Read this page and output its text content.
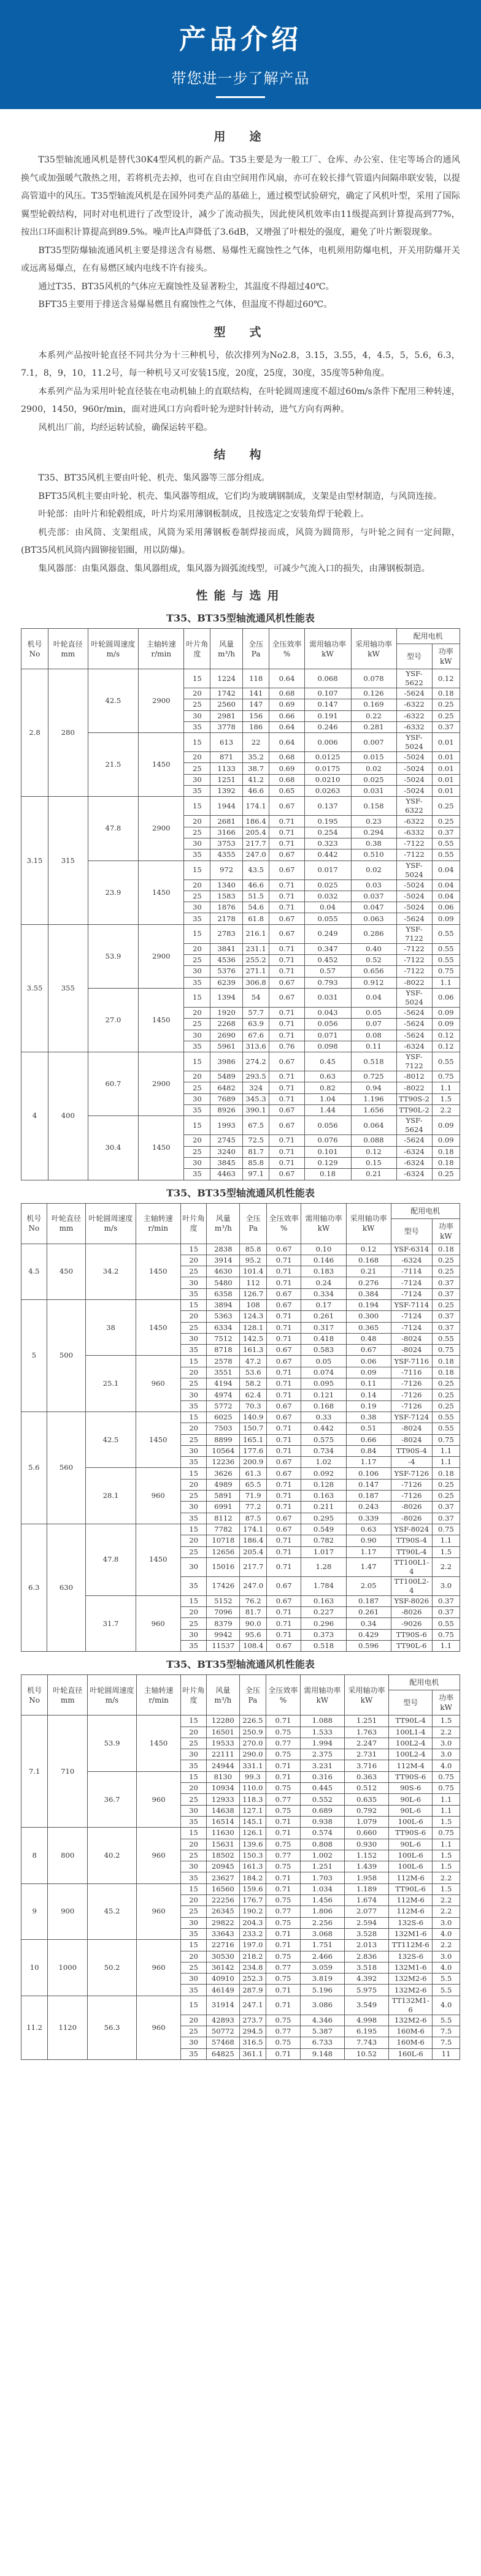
产品介绍
带您进一步了解产品
用　途

T35型轴流通风机是替代30K4型风机的新产品。T35主要是为一般工厂、仓库、办公室、住宅等场合的通风换气或加强暖气散热之用，若将机壳去掉，也可在自由空间用作风扇，亦可在较长排气管道内间隔串联安装，以提高管道中的风压。T35型轴流风机是在国外同类产品的基础上，通过模型试验研究，确定了风机叶型，采用了国际翼型轮毂结构，同时对电机进行了改型设计，减少了流动损失，因此使风机效率由11级提高到计算提高到77%，按出口环面积计算提高到89.5%。噪声比A声降低了3.6dB，又增强了叶根处的强度，避免了叶片断裂现象。

BT35型防爆轴流通风机主要是排送含有易燃、易爆性无腐蚀性之气体，电机须用防爆电机，开关用防爆开关或远离易爆点，在有易燃区域内电线不许有接头。

通过T35、BT35风机的气体应无腐蚀性及显著粉尘，其温度不得超过40℃。

BFT35主要用于排送含易爆易燃且有腐蚀性之气体，但温度不得超过60℃。

型　式

本系列产品按叶轮直径不同共分为十三种机号，依次排列为No2.8，3.15，3.55，4，4.5，5，5.6，6.3，7.1，8，9，10，11.2号，每一种机号又可安装15度，20度，25度，30度，35度等5种角度。

本系列产品为采用叶轮直径装在电动机轴上的直联结构，在叶轮圆周速度不超过60m/s条件下配用三种转速，2900，1450，960r/min，面对进风口方向看叶轮为逆时针转动，进气方向有两种。

风机出厂前，均经运转试验，确保运转平稳。

结　构

T35、BT35风机主要由叶轮、机壳、集风器等三部分组成。

BFT35风机主要由叶轮、机壳、集风器等组成，它们均为玻璃钢制成，支架是由型材制造，与风筒连接。

叶轮部：由叶片和轮毂组成，叶片均采用薄钢板制成，且按选定之安装角焊于轮毂上。

机壳部：由风筒、支架组成，风筒为采用薄钢板卷制焊接而成，风筒为圆筒形，与叶轮之间有一定间隙，(BT35风机风筒内圆铆接铝圈，用以防爆)。

集风器部：由集风器盘、集风器组成，集风器为圆弧流线型，可减少气流入口的损失，由薄钢板制造。

性能与选用
T35、BT35型轴流通风机性能表
机号 No	叶轮直径 mm	叶轮圆周速度 m/s	主轴转速 r/min	叶片角度	风量 m³/h	全压 Pa	全压效率 %	需用轴功率 kW	采用轴功率 kW	配用电机	
										型号	功率 kW
2.8	280	42.5	2900	15	1224	118	0.64	0.068	0.078	YSF-5622	0.12
				20	1742	141	0.68	0.107	0.126	-5624	0.18
				25	2560	147	0.69	0.147	0.169	-6322	0.25
				30	2981	156	0.66	0.191	0.22	-6322	0.25
				35	3778	186	0.64	0.246	0.281	-6332	0.37
		21.5	1450	15	613	22	0.64	0.006	0.007	YSF-5024	0.01
				20	871	35.2	0.68	0.0125	0.015	-5024	0.01
				25	1133	38.7	0.69	0.0175	0.02	-5024	0.01
				30	1251	41.2	0.68	0.0210	0.025	-5024	0.01
				35	1392	46.6	0.65	0.0263	0.031	-5024	0.01
3.15	315	47.8	2900	15	1944	174.1	0.67	0.137	0.158	YSF-6322	0.25
				20	2681	186.4	0.71	0.195	0.23	-6322	0.25
				25	3166	205.4	0.71	0.254	0.294	-6332	0.37
				30	3753	217.7	0.71	0.323	0.38	-7122	0.55
				35	4355	247.0	0.67	0.442	0.510	-7122	0.55
		23.9	1450	15	972	43.5	0.67	0.017	0.02	YSF-5024	0.04
				20	1340	46.6	0.71	0.025	0.03	-5024	0.04
				25	1583	51.5	0.71	0.032	0.037	-5024	0.04
				30	1876	54.6	0.71	0.04	0.047	-5024	0.06
				35	2178	61.8	0.67	0.055	0.063	-5624	0.09
3.55	355	53.9	2900	15	2783	216.1	0.67	0.249	0.286	YSF-7122	0.55
				20	3841	231.1	0.71	0.347	0.40	-7122	0.55
				25	4536	255.2	0.71	0.452	0.52	-7122	0.55
				30	5376	271.1	0.71	0.57	0.656	-7122	0.75
				35	6239	306.8	0.67	0.793	0.912	-8022	1.1
		27.0	1450	15	1394	54	0.67	0.031	0.04	YSF-5024	0.06
				20	1920	57.7	0.71	0.043	0.05	-5624	0.09
				25	2268	63.9	0.71	0.056	0.07	-5624	0.09
				30	2690	67.6	0.71	0.071	0.08	-5624	0.12
				35	5961	313.6	0.76	0.098	0.11	-6324	0.12
4	400	60.7	2900	15	3986	274.2	0.67	0.45	0.518	YSF-7122	0.55
				20	5489	293.5	0.71	0.63	0.725	-8012	0.75
				25	6482	324	0.71	0.82	0.94	-8022	1.1
				30	7689	345.3	0.71	1.04	1.196	TT90S-2	1.5
				35	8926	390.1	0.67	1.44	1.656	TT90L-2	2.2
		30.4	1450	15	1993	67.5	0.67	0.056	0.064	YSF-5624	0.09
				20	2745	72.5	0.71	0.076	0.088	-5624	0.09
				25	3240	81.7	0.71	0.101	0.12	-6324	0.18
				30	3845	85.8	0.71	0.129	0.15	-6324	0.18
				35	4463	97.1	0.67	0.18	0.21	-6324	0.25
T35、BT35型轴流通风机性能表
机号 No	叶轮直径 mm	叶轮圆周速度 m/s	主轴转速 r/min	叶片角度	风量 m³/h	全压 Pa	全压效率 %	需用轴功率 kW	采用轴功率 kW	配用电机	
										型号	功率 kW
4.5	450	34.2	1450	15	2838	85.8	0.67	0.10	0.12	YSF-6314	0.18
				20	3914	95.2	0.71	0.146	0.168	-6324	0.25
				25	4630	101.4	0.71	0.183	0.21	-7114	0.25
				30	5480	112	0.71	0.24	0.276	-7124	0.37
				35	6358	126.7	0.67	0.334	0.384	-7124	0.37
5	500	38	1450	15	3894	108	0.67	0.17	0.194	YSF-7114	0.25
				20	5363	124.3	0.71	0.261	0.300	-7124	0.37
				25	6334	128.1	0.71	0.317	0.365	-7124	0.37
				30	7512	142.5	0.71	0.418	0.48	-8024	0.55
				35	8718	161.3	0.67	0.583	0.67	-8024	0.75
		25.1	960	15	2578	47.2	0.67	0.05	0.06	YSF-7116	0.18
				20	3551	53.6	0.71	0.074	0.09	-7116	0.18
				25	4194	58.2	0.71	0.095	0.11	-7126	0.25
				30	4974	62.4	0.71	0.121	0.14	-7126	0.25
				35	5772	70.3	0.67	0.168	0.19	-7126	0.25
5.6	560	42.5	1450	15	6025	140.9	0.67	0.33	0.38	YSF-7124	0.55
				20	7503	150.7	0.71	0.442	0.51	-8024	0.55
				25	8899	165.1	0.71	0.575	0.66	-8024	0.75
				30	10564	177.6	0.71	0.734	0.84	TT90S-4	1.1
				35	12236	200.9	0.67	1.02	1.17	-4	1.1
		28.1	960	15	3626	61.3	0.67	0.092	0.106	YSF-7126	0.18
				20	4989	65.5	0.71	0.128	0.147	-7126	0.25
				25	5891	71.9	0.71	0.163	0.187	-7126	0.25
				30	6991	77.2	0.71	0.211	0.243	-8026	0.37
				35	8112	87.5	0.67	0.295	0.339	-8026	0.37
6.3	630	47.8	1450	15	7782	174.1	0.67	0.549	0.63	YSF-8024	0.75
				20	10718	186.4	0.71	0.782	0.90	TT90S-4	1.1
				25	12656	205.4	0.71	1.017	1.17	TT90L-4	1.5
				30	15016	217.7	0.71	1.28	1.47	TT100L1-4	2.2
				35	17426	247.0	0.67	1.784	2.05	TT100L2-4	3.0
		31.7	960	15	5152	76.2	0.67	0.163	0.187	YSF-8026	0.37
				20	7096	81.7	0.71	0.227	0.261	-8026	0.37
				25	8379	90.0	0.71	0.296	0.34	-9026	0.55
				30	9942	95.6	0.71	0.373	0.429	TT90S-6	0.75
				35	11537	108.4	0.67	0.518	0.596	TT90L-6	1.1
T35、BT35型轴流通风机性能表
机号 No	叶轮直径 mm	叶轮圆周速度 m/s	主轴转速 r/min	叶片角度	风量 m³/h	全压 Pa	全压效率 %	需用轴功率 kW	采用轴功率 kW	配用电机	
										型号	功率 kW
7.1	710	53.9	1450	15	12280	226.5	0.71	1.088	1.251	TT90L-4	1.5
				20	16501	250.9	0.75	1.533	1.763	100L1-4	2.2
				25	19533	270.0	0.77	1.994	2.247	100L2-4	3.0
				30	22111	290.0	0.75	2.375	2.731	100L2-4	3.0
				35	24944	331.1	0.71	3.231	3.716	112M-4	4.0
		36.7	960	15	8130	99.3	0.71	0.316	0.363	TT90S-6	0.75
				20	10934	110.0	0.75	0.445	0.512	90S-6	0.75
				25	12933	118.3	0.77	0.552	0.635	90L-6	1.1
				30	14638	127.1	0.75	0.689	0.792	90L-6	1.1
				35	16514	145.1	0.71	0.938	1.079	100L-6	1.5
8	800	40.2	960	15	11630	126.1	0.71	0.574	0.660	TT90S-6	0.75
				20	15631	139.6	0.75	0.808	0.930	90L-6	1.1
				25	18502	150.3	0.77	1.002	1.152	100L-6	1.5
				30	20945	161.3	0.75	1.251	1.439	100L-6	1.5
				35	23627	184.2	0.71	1.703	1.958	112M-6	2.2
9	900	45.2	960	15	16560	159.6	0.71	1.034	1.189	TT90L-6	1.5
				20	22256	176.7	0.75	1.456	1.674	112M-6	2.2
				25	26345	190.2	0.77	1.806	2.077	112M-6	2.2
				30	29822	204.3	0.75	2.256	2.594	132S-6	3.0
				35	33643	233.2	0.71	3.068	3.528	132M1-6	4.0
10	1000	50.2	960	15	22716	197.0	0.71	1.751	2.013	TT112M-6	2.2
				20	30530	218.2	0.75	2.466	2.836	132S-6	3.0
				25	36142	234.8	0.77	3.059	3.518	132M1-6	4.0
				30	40910	252.3	0.75	3.819	4.392	132M2-6	5.5
				35	46149	287.9	0.71	5.196	5.975	132M2-6	5.5
11.2	1120	56.3	960	15	31914	247.1	0.71	3.086	3.549	TT132M1-6	4.0
				20	42893	273.7	0.75	4.346	4.998	132M2-6	5.5
				25	50772	294.5	0.77	5.387	6.195	160M-6	7.5
				30	57468	316.5	0.75	6.733	7.743	160M-6	7.5
				35	64825	361.1	0.71	9.148	10.52	160L-6	11
